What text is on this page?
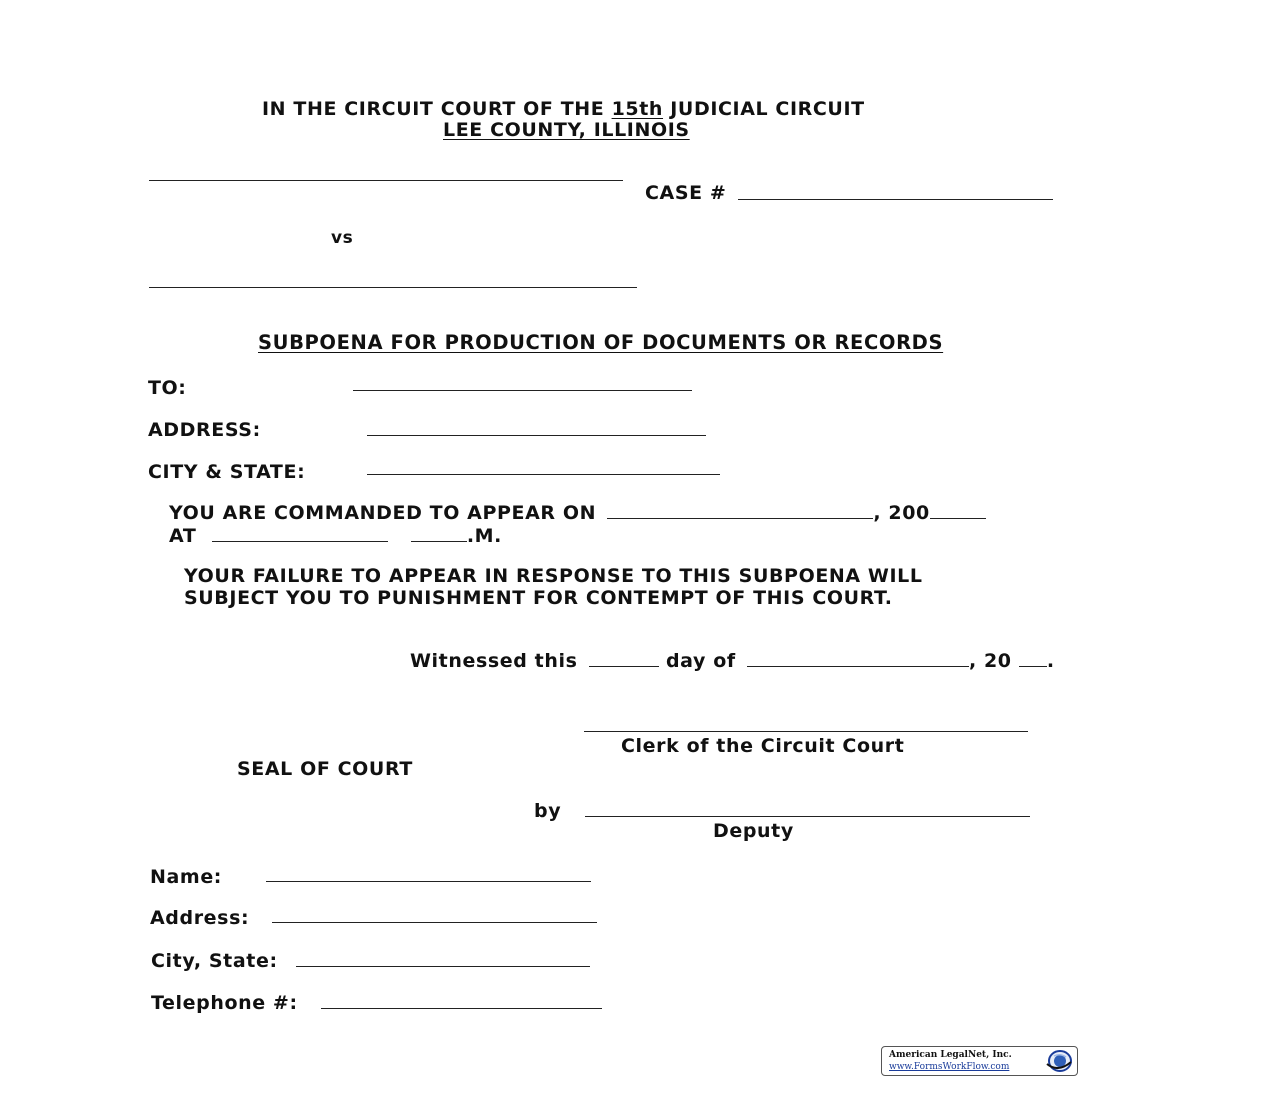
IN THE CIRCUIT COURT OF THE 15th JUDICIAL CIRCUIT
LEE COUNTY, ILLINOIS
CASE #
vs
SUBPOENA FOR PRODUCTION OF DOCUMENTS OR RECORDS
TO:
ADDRESS:
CITY & STATE:
YOU ARE COMMANDED TO APPEAR ON	, 200
AT	.M.
YOUR FAILURE TO APPEAR IN RESPONSE TO THIS SUBPOENA WILL
SUBJECT YOU TO PUNISHMENT FOR CONTEMPT OF THIS COURT.
Witnessed this	day of	, 20 .
Clerk of the Circuit Court
SEAL OF COURT
by
Deputy
Name:
Address:
City, State:
Telephone #:
American LegalNet, Inc.
www.FormsWorkFlow.com
